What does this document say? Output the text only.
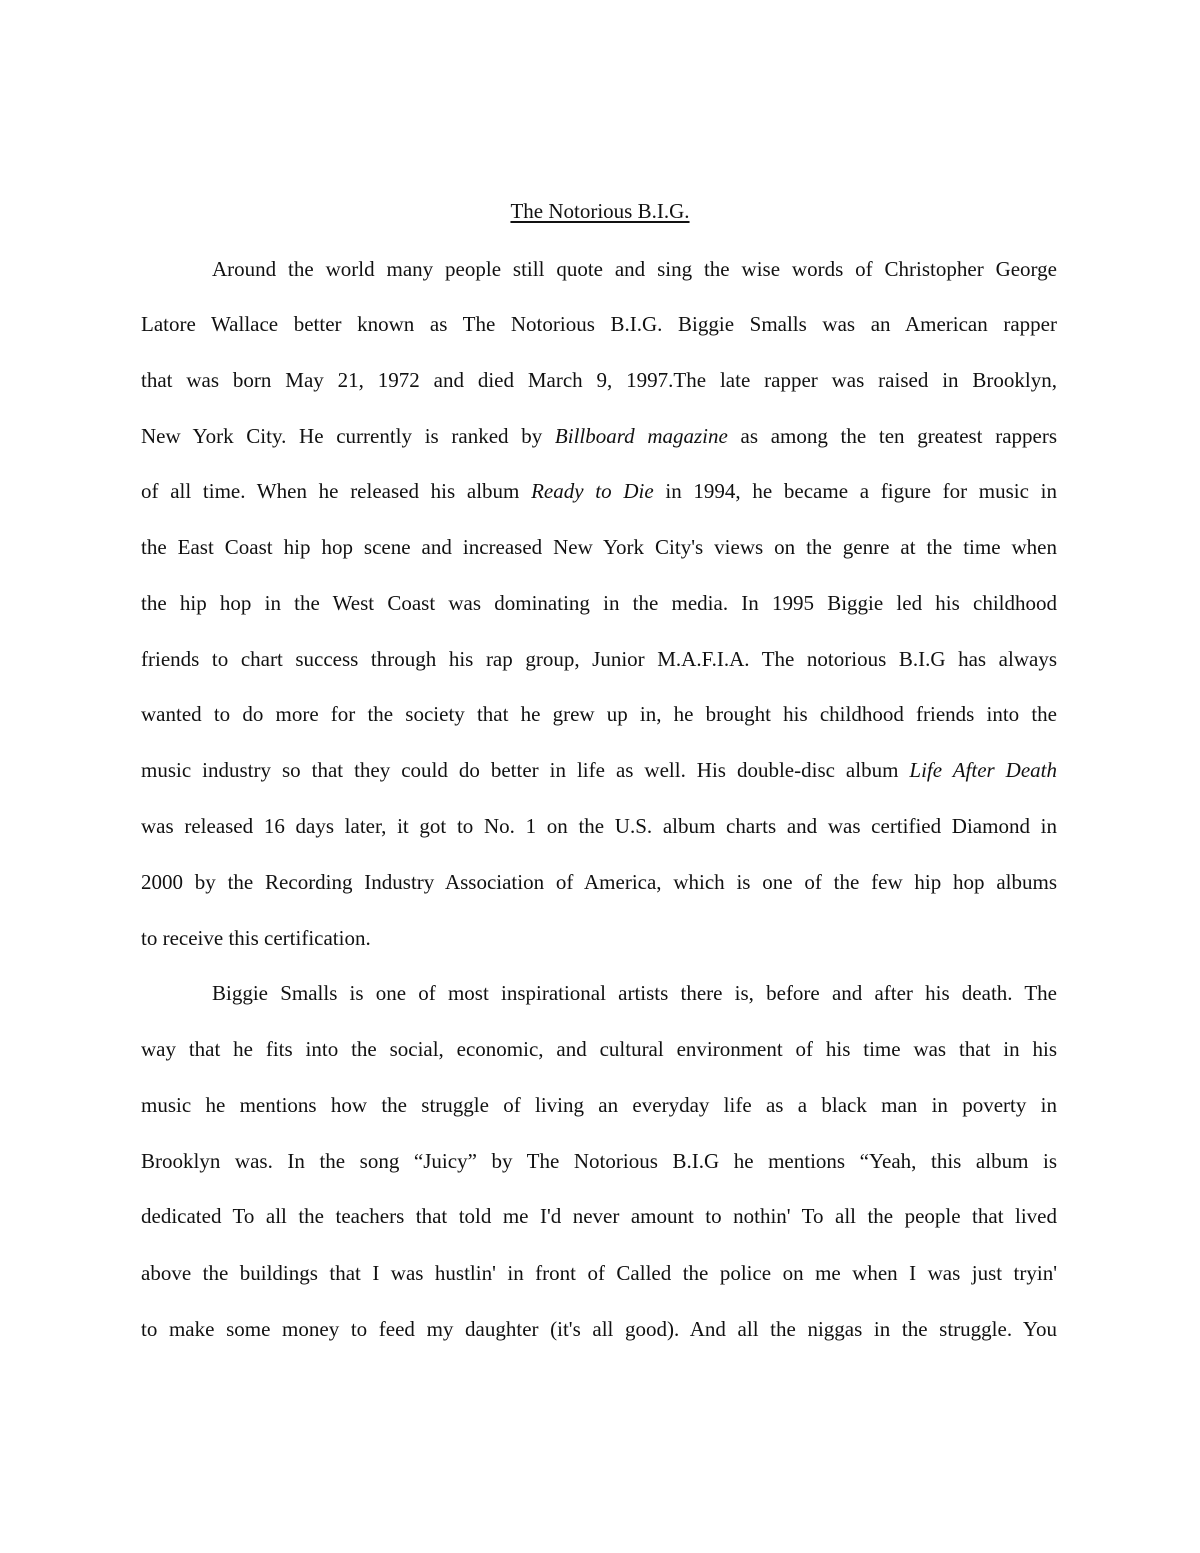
The Notorious B.I.G.
Around the world many people still quote and sing the wise words of Christopher George
Latore Wallace better known as The Notorious B.I.G. Biggie Smalls was an American rapper
that was born May 21, 1972 and died March 9, 1997.The late rapper was raised in Brooklyn,
New York City. He currently is ranked by Billboard magazine as among the ten greatest rappers
of all time. When he released his album Ready to Die in 1994, he became a figure for music in
the East Coast hip hop scene and increased New York City's views on the genre at the time when
the hip hop in the West Coast was dominating in the media. In 1995 Biggie led his childhood
friends to chart success through his rap group, Junior M.A.F.I.A. The notorious B.I.G has always
wanted to do more for the society that he grew up in, he brought his childhood friends into the
music industry so that they could do better in life as well. His double-disc album Life After Death
was released 16 days later, it got to No. 1 on the U.S. album charts and was certified Diamond in
2000 by the Recording Industry Association of America, which is one of the few hip hop albums
to receive this certification.
Biggie Smalls is one of most inspirational artists there is, before and after his death. The
way that he fits into the social, economic, and cultural environment of his time was that in his
music he mentions how the struggle of living an everyday life as a black man in poverty in
Brooklyn was. In the song “Juicy” by The Notorious B.I.G he mentions “Yeah, this album is
dedicated To all the teachers that told me I'd never amount to nothin' To all the people that lived
above the buildings that I was hustlin' in front of Called the police on me when I was just tryin'
to make some money to feed my daughter (it's all good). And all the niggas in the struggle. You
